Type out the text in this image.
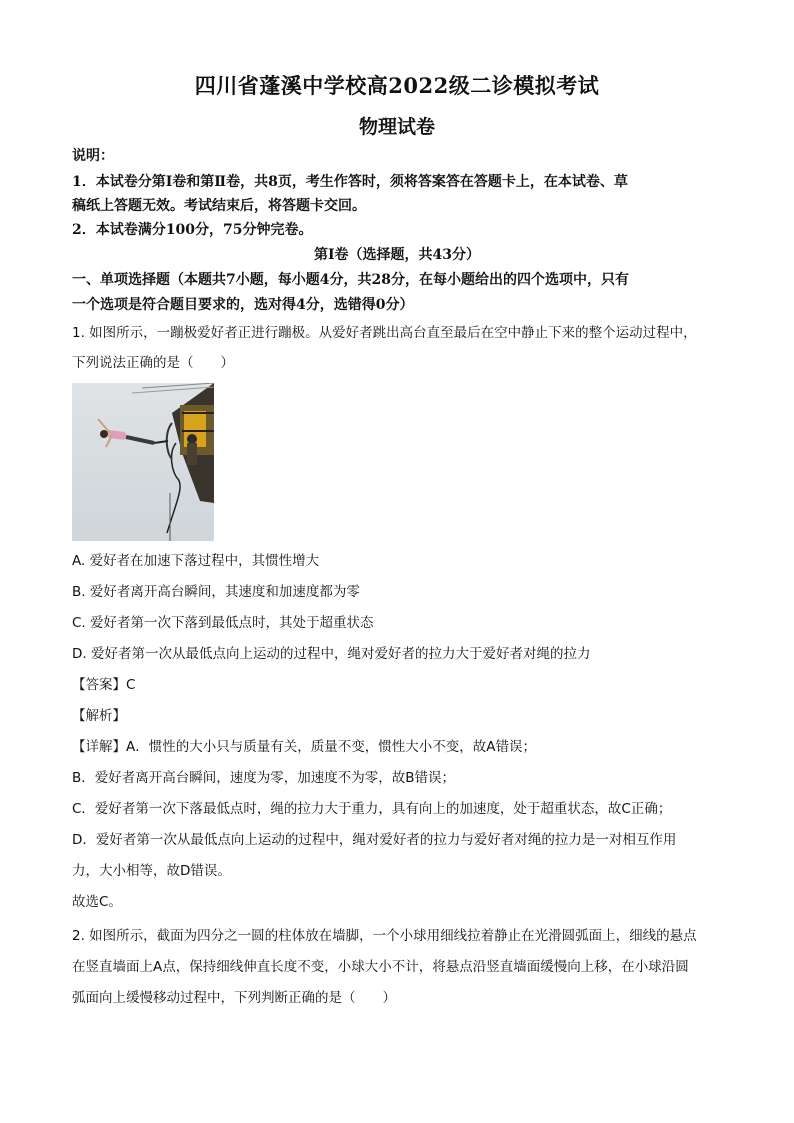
四川省蓬溪中学校高2022级二诊模拟考试
物理试卷
说明：
1．本试卷分第Ⅰ卷和第Ⅱ卷，共8页，考生作答时，须将答案答在答题卡上，在本试卷、草
稿纸上答题无效。考试结束后，将答题卡交回。
2．本试卷满分100分，75分钟完卷。
第Ⅰ卷（选择题，共43分）
一、单项选择题（本题共7小题，每小题4分，共28分，在每小题给出的四个选项中，只有
一个选项是符合题目要求的，选对得4分，选错得0分）
1. 如图所示，一蹦极爱好者正进行蹦极。从爱好者跳出高台直至最后在空中静止下来的整个运动过程中，
下列说法正确的是（　　）
A. 爱好者在加速下落过程中，其惯性增大
B. 爱好者离开高台瞬间，其速度和加速度都为零
C. 爱好者第一次下落到最低点时，其处于超重状态
D. 爱好者第一次从最低点向上运动的过程中，绳对爱好者的拉力大于爱好者对绳的拉力
【答案】C
【解析】
【详解】A．惯性的大小只与质量有关，质量不变，惯性大小不变，故A错误；
B．爱好者离开高台瞬间，速度为零，加速度不为零，故B错误；
C．爱好者第一次下落最低点时，绳的拉力大于重力，具有向上的加速度，处于超重状态，故C正确；
D．爱好者第一次从最低点向上运动的过程中，绳对爱好者的拉力与爱好者对绳的拉力是一对相互作用
力，大小相等，故D错误。
故选C。
2. 如图所示，截面为四分之一圆的柱体放在墙脚，一个小球用细线拉着静止在光滑圆弧面上，细线的悬点
在竖直墙面上A点，保持细线伸直长度不变，小球大小不计，将悬点沿竖直墙面缓慢向上移，在小球沿圆
弧面向上缓慢移动过程中，下列判断正确的是（　　）
